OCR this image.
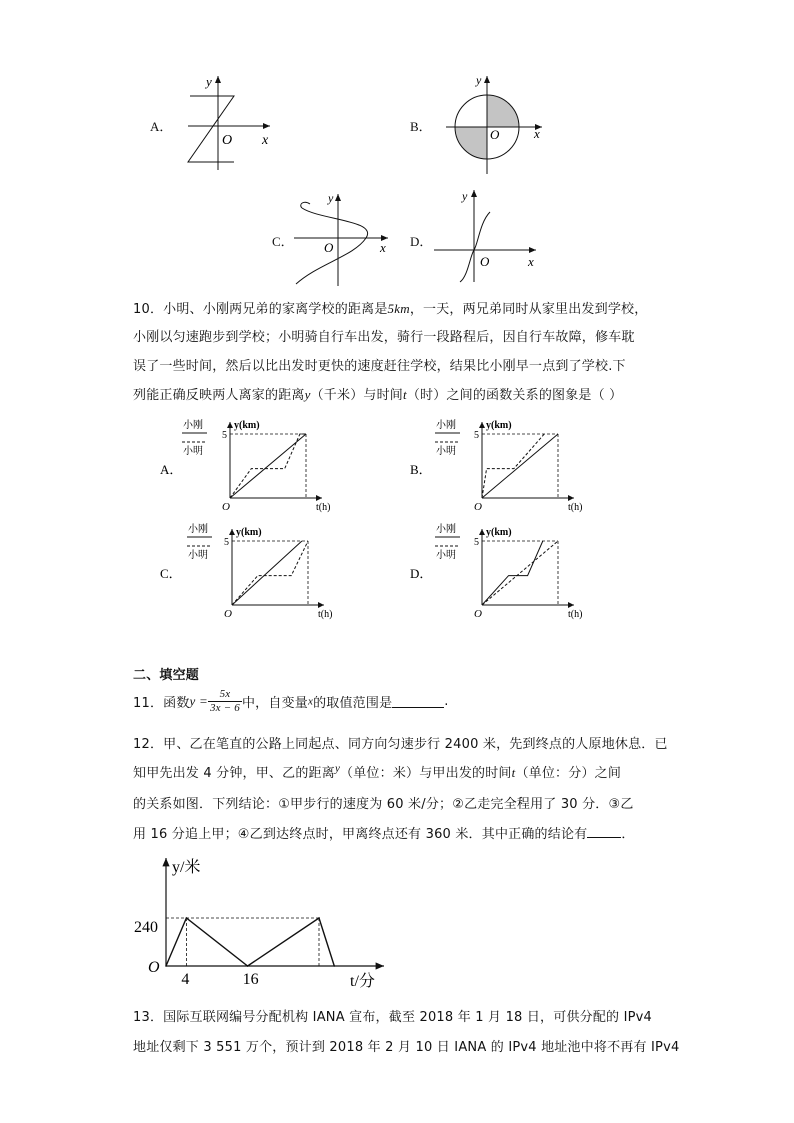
A．
y
x
O
B．
y
x
O
C．
y
x
O	D．
y
x
O
10．小明、小刚两兄弟的家离学校的距离是5km，一天，两兄弟同时从家里出发到学校，
小刚以匀速跑步到学校；小明骑自行车出发，骑行一段路程后，因自行车故障，修车耽
误了一些时间，然后以比出发时更快的速度赶往学校，结果比小刚早一点到了学校.下
列能正确反映两人离家的距离y（千米）与时间t（时）之间的函数关系的图象是（ ）
A．
小刚
小明
y(km)
t(h)
O
5
B．
小刚
小明
y(km)
t(h)
O
5
C．
小刚
小明
y(km)
t(h)
O
5
D．
小刚
小明
y(km)
t(h)
O
5
二、填空题
11．函数$y = \frac{5x}{3x - 6}$ 中，自变量x的取值范围是	.
12．甲、乙在笔直的公路上同起点、同方向匀速步行 2400 米，先到终点的人原地休息．已
知甲先出发 4 分钟，甲、乙的距离$^y$（单位：米）与甲出发的时间t（单位：分）之间
的关系如图．下列结论：①甲步行的速度为 60 米/分；②乙走完全程用了 30 分．③乙
用 16 分追上甲；④乙到达终点时，甲离终点还有 360 米．其中正确的结论有	．
y/米
t/分
O
240
4	16
13．国际互联网编号分配机构 IANA 宣布，截至 2018 年 1 月 18 日，可供分配的 IPv4
地址仅剩下 3 551 万个，预计到 2018 年 2 月 10 日 IANA 的 IPv4 地址池中将不再有 IPv4
